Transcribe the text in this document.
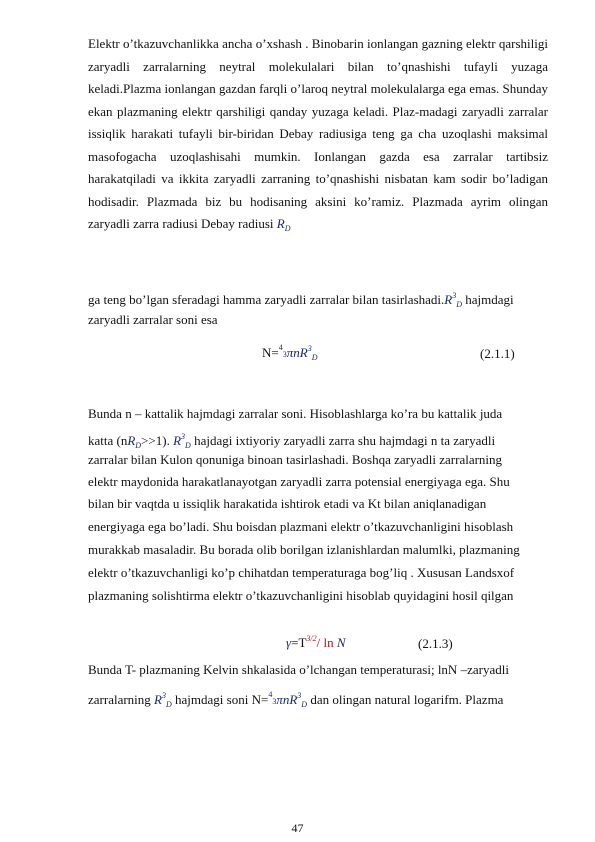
Elektr o’tkazuvchanlikka ancha o’xshash . Binobarin ionlangan gazning elektr qarshiligi zaryadli zarralarning neytral molekulalari bilan to’qnashishi tufayli yuzaga keladi.Plazma ionlangan gazdan farqli o’laroq neytral molekulalarga ega emas. Shunday ekan plazmaning elektr qarshiligi qanday yuzaga keladi. Plaz-madagi zaryadli zarralar issiqlik harakati tufayli bir-biridan Debay radiusiga teng ga cha uzoqlashi maksimal masofogacha uzoqlashisahi mumkin. Ionlangan gazda esa zarralar tartibsiz harakatqiladi va ikkita zaryadli zarraning to’qnashishi nisbatan kam sodir bo’ladigan hodisadir. Plazmada biz bu hodisaning aksini ko’ramiz. Plazmada ayrim olingan zaryadli zarra radiusi Debay radiusi $R_D$

ga teng bo’lgan sferadagi hamma zaryadli zarralar bilan $tasirlashadi.R^3_D$ hajmdagi

zaryadli zarralar soni esa

N=$^4$3πnR$^3_D$	(2.1.1)

Bunda n – kattalik hajmdagi zarralar soni. Hisoblashlarga ko’ra bu kattalik juda

katta $(nR_D>>1)$. $R^3_D$ hajdagi ixtiyoriy zaryadli zarra shu hajmdagi n ta zaryadli

zarralar bilan Kulon qonuniga binoan tasirlashadi. Boshqa zaryadli zarralarning

elektr maydonida harakatlanayotgan zaryadli zarra potensial energiyaga ega. Shu

bilan bir vaqtda u issiqlik harakatida ishtirok etadi va Kt bilan aniqlanadigan

energiyaga ega bo’ladi. Shu boisdan plazmani elektr o’tkazuvchanligini hisoblash

murakkab masaladir. Bu borada olib borilgan izlanishlardan malumlki, plazmaning

elektr o’tkazuvchanligi ko’p chihatdan temperaturaga bog’liq . Xususan Landsxof

plazmaning solishtirma elektr o’tkazuvchanligini hisoblab quyidagini hosil qilgan

$\gamma=T^{3/2}/$ ln N	(2.1.3)

Bunda T- plazmaning Kelvin shkalasida o’lchangan temperaturasi; lnN –zaryadli

zarralarning $R^3_D$ hajmdagi soni N=$^4$3πnR$^3_D$ dan olingan natural logarifm. Plazma

47
